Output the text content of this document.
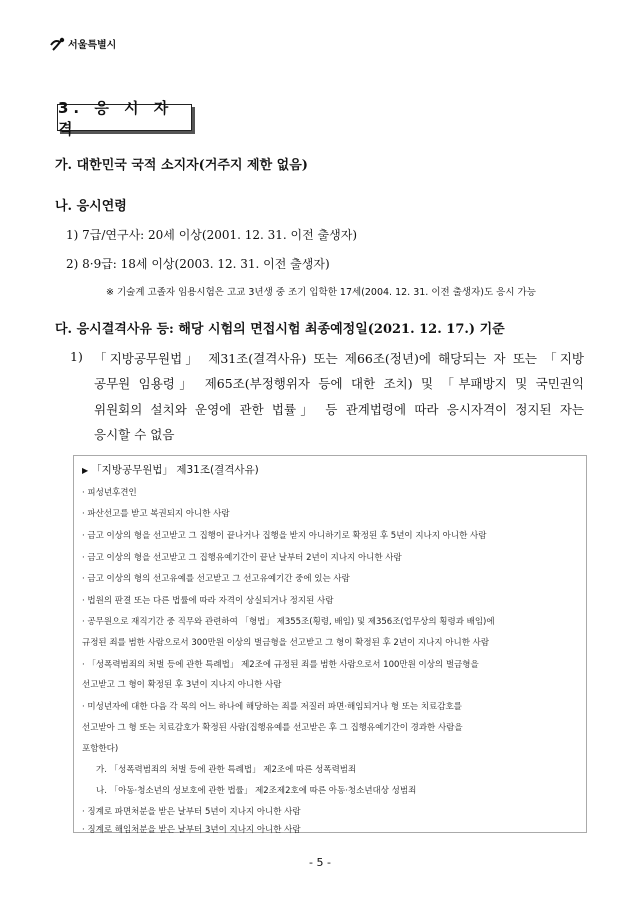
서울특별시
3. 응 시 자 격
가. 대한민국 국적 소지자(거주지 제한 없음)
나. 응시연령
1) 7급/연구사: 20세 이상(2001. 12. 31. 이전 출생자)
2) 8·9급: 18세 이상(2003. 12. 31. 이전 출생자)
※ 기술계 고졸자 임용시험은 고교 3년생 중 조기 입학한 17세(2004. 12. 31. 이전 출생자)도 응시 가능
다. 응시결격사유 등: 해당 시험의 면접시험 최종예정일(2021. 12. 17.) 기준
1) 「지방공무원법」 제31조(결격사유) 또는 제66조(정년)에 해당되는 자 또는 「지방
공무원 임용령」 제65조(부정행위자 등에 대한 조치) 및 「부패방지 및 국민권익
위원회의 설치와 운영에 관한 법률」 등 관계법령에 따라 응시자격이 정지된 자는
응시할 수 없음
▶ 「지방공무원법」 제31조(결격사유)
· 피성년후견인
· 파산선고를 받고 복권되지 아니한 사람
· 금고 이상의 형을 선고받고 그 집행이 끝나거나 집행을 받지 아니하기로 확정된 후 5년이 지나지 아니한 사람
· 금고 이상의 형을 선고받고 그 집행유예기간이 끝난 날부터 2년이 지나지 아니한 사람
· 금고 이상의 형의 선고유예를 선고받고 그 선고유예기간 중에 있는 사람
· 법원의 판결 또는 다른 법률에 따라 자격이 상실되거나 정지된 사람
· 공무원으로 재직기간 중 직무와 관련하여 「형법」 제355조(횡령, 배임) 및 제356조(업무상의 횡령과 배임)에
규정된 죄를 범한 사람으로서 300만원 이상의 벌금형을 선고받고 그 형이 확정된 후 2년이 지나지 아니한 사람
· 「성폭력범죄의 처벌 등에 관한 특례법」 제2조에 규정된 죄를 범한 사람으로서 100만원 이상의 벌금형을
선고받고 그 형이 확정된 후 3년이 지나지 아니한 사람
· 미성년자에 대한 다음 각 목의 어느 하나에 해당하는 죄를 저질러 파면·해임되거나 형 또는 치료감호를
선고받아 그 형 또는 치료감호가 확정된 사람(집행유예를 선고받은 후 그 집행유예기간이 경과한 사람을
포함한다)
가. 「성폭력범죄의 처벌 등에 관한 특례법」 제2조에 따른 성폭력범죄
나. 「아동·청소년의 성보호에 관한 법률」 제2조제2호에 따른 아동·청소년대상 성범죄
· 징계로 파면처분을 받은 날부터 5년이 지나지 아니한 사람
· 징계로 해임처분을 받은 날부터 3년이 지나지 아니한 사람
- 5 -
